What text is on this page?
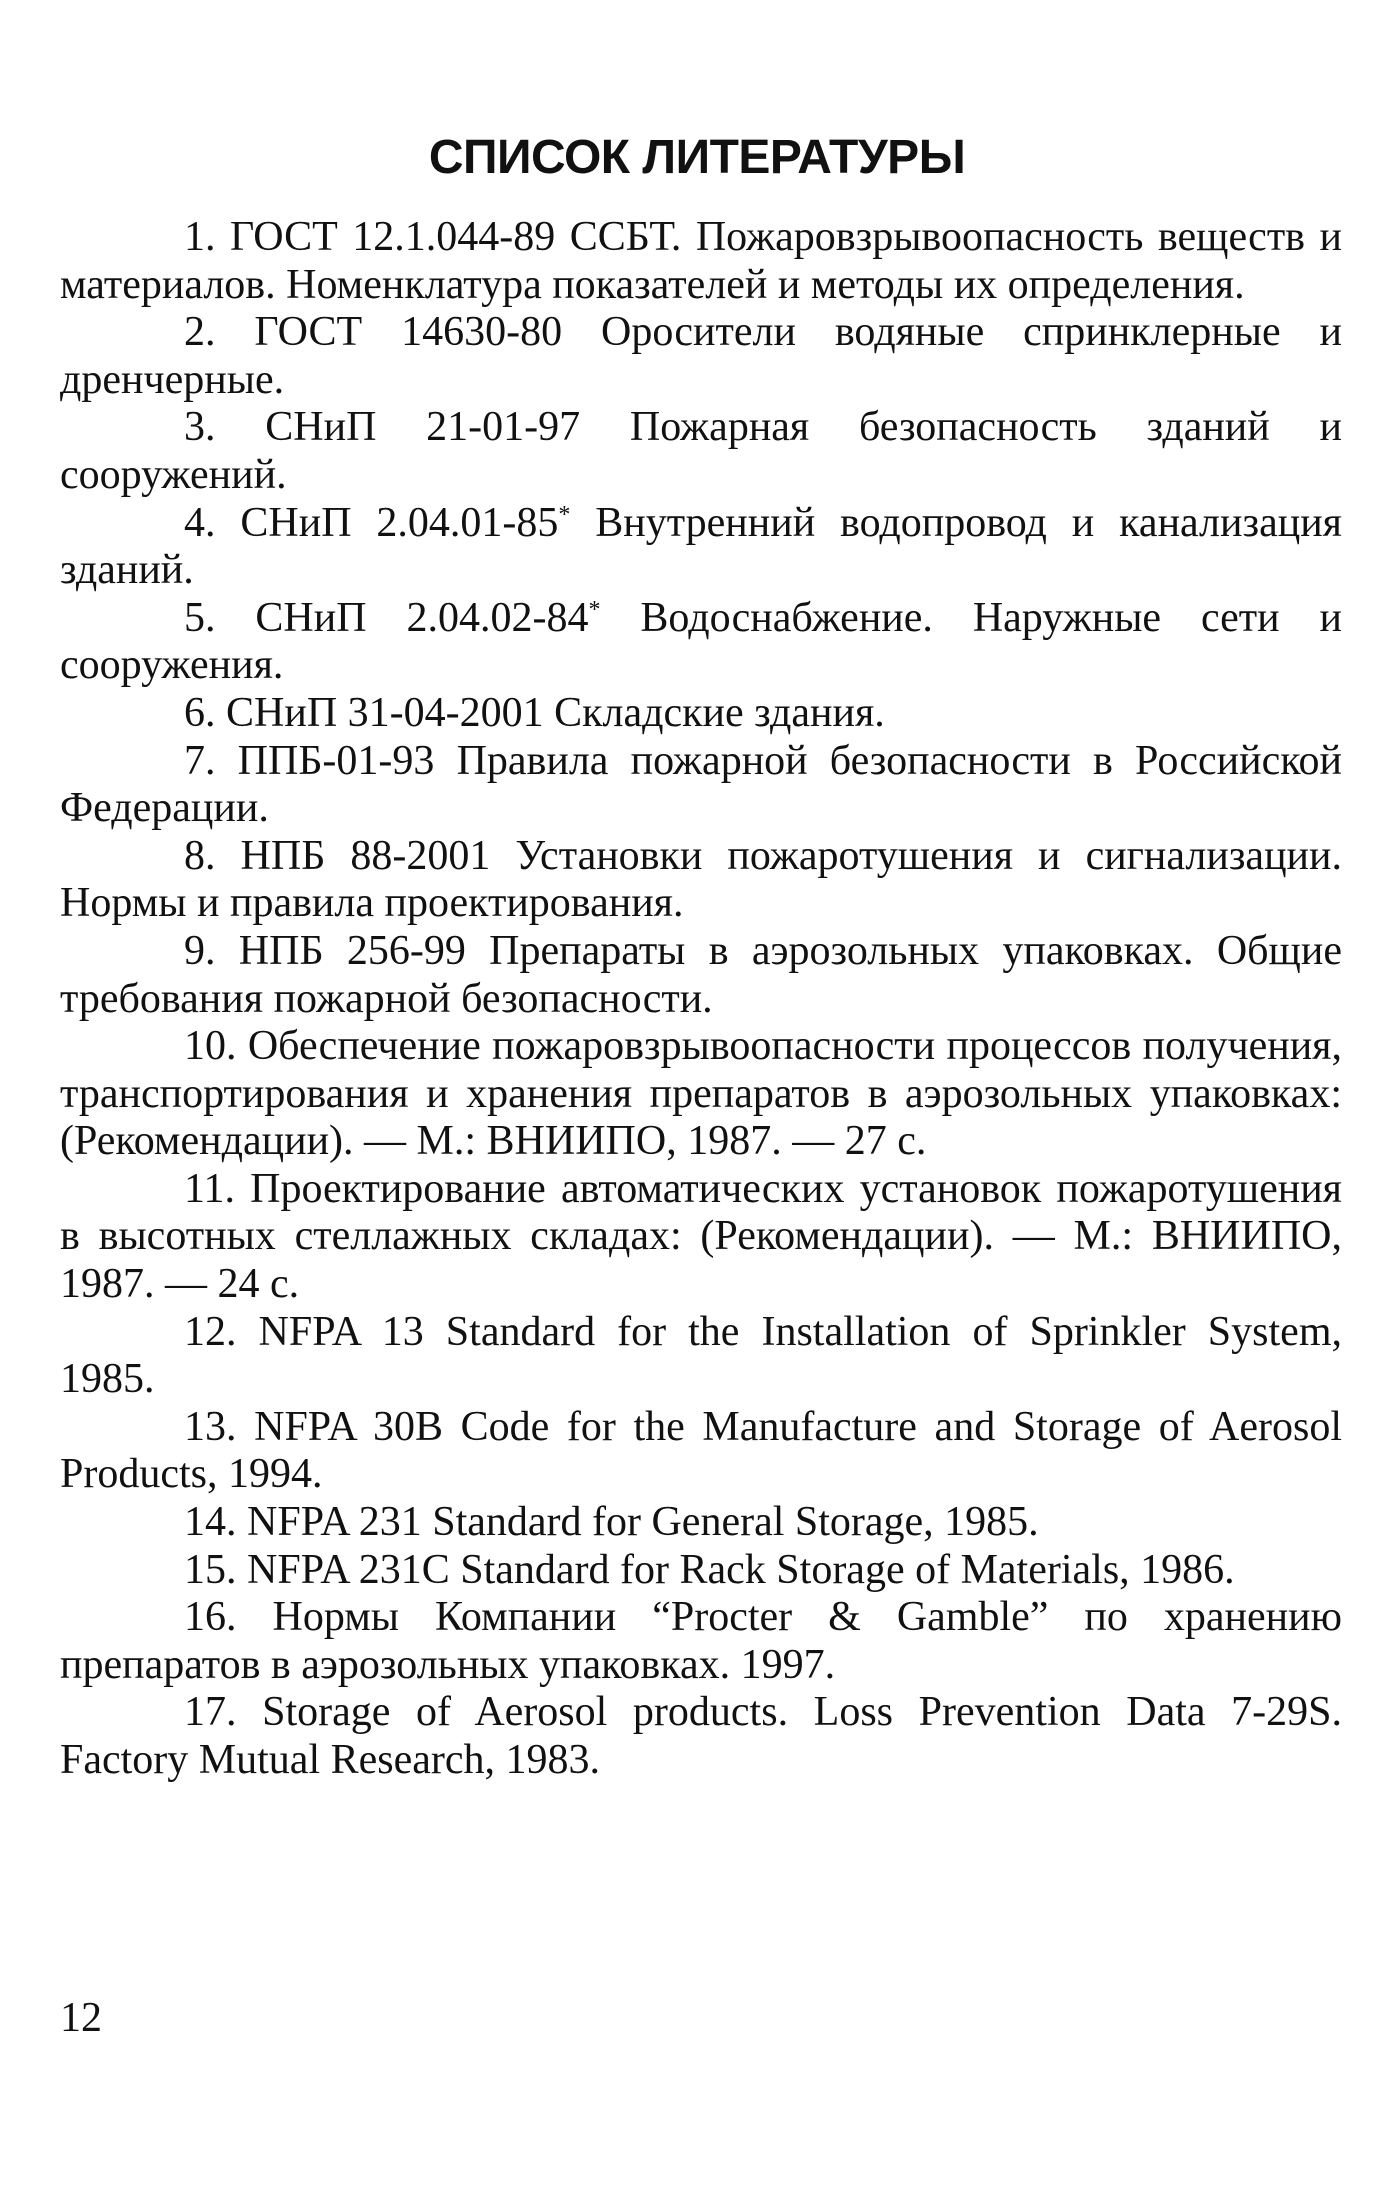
СПИСОК ЛИТЕРАТУРЫ
1. ГОСТ 12.1.044-89 ССБТ. Пожаровзрывоопасность веществ и материалов. Номенклатура показателей и методы их определения.
2. ГОСТ 14630-80 Оросители водяные спринклерные и дренчерные.
3. СНиП 21-01-97 Пожарная безопасность зданий и сооружений.
4. СНиП 2.04.01-85* Внутренний водопровод и канализация зданий.
5. СНиП 2.04.02-84* Водоснабжение. Наружные сети и сооружения.
6. СНиП 31-04-2001 Складские здания.
7. ППБ-01-93 Правила пожарной безопасности в Российской Федерации.
8. НПБ 88-2001 Установки пожаротушения и сигнализации. Нормы и правила проектирования.
9. НПБ 256-99 Препараты в аэрозольных упаковках. Общие требования пожарной безопасности.
10. Обеспечение пожаровзрывоопасности процессов получения, транспортирования и хранения препаратов в аэрозольных упаковках: (Рекомендации). — М.: ВНИИПО, 1987. — 27 с.
11. Проектирование автоматических установок пожаротушения в высотных стеллажных складах: (Рекомендации). — М.: ВНИИПО, 1987. — 24 с.
12. NFPA 13 Standard for the Installation of Sprinkler System, 1985.
13. NFPA 30B Code for the Manufacture and Storage of Aerosol Products, 1994.
14. NFPA 231 Standard for General Storage, 1985.
15. NFPA 231C Standard for Rack Storage of Materials, 1986.
16. Нормы Компании “Procter & Gamble” по хранению препаратов в аэрозольных упаковках. 1997.
17. Storage of Aerosol products. Loss Prevention Data 7-29S. Factory Mutual Research, 1983.
12
